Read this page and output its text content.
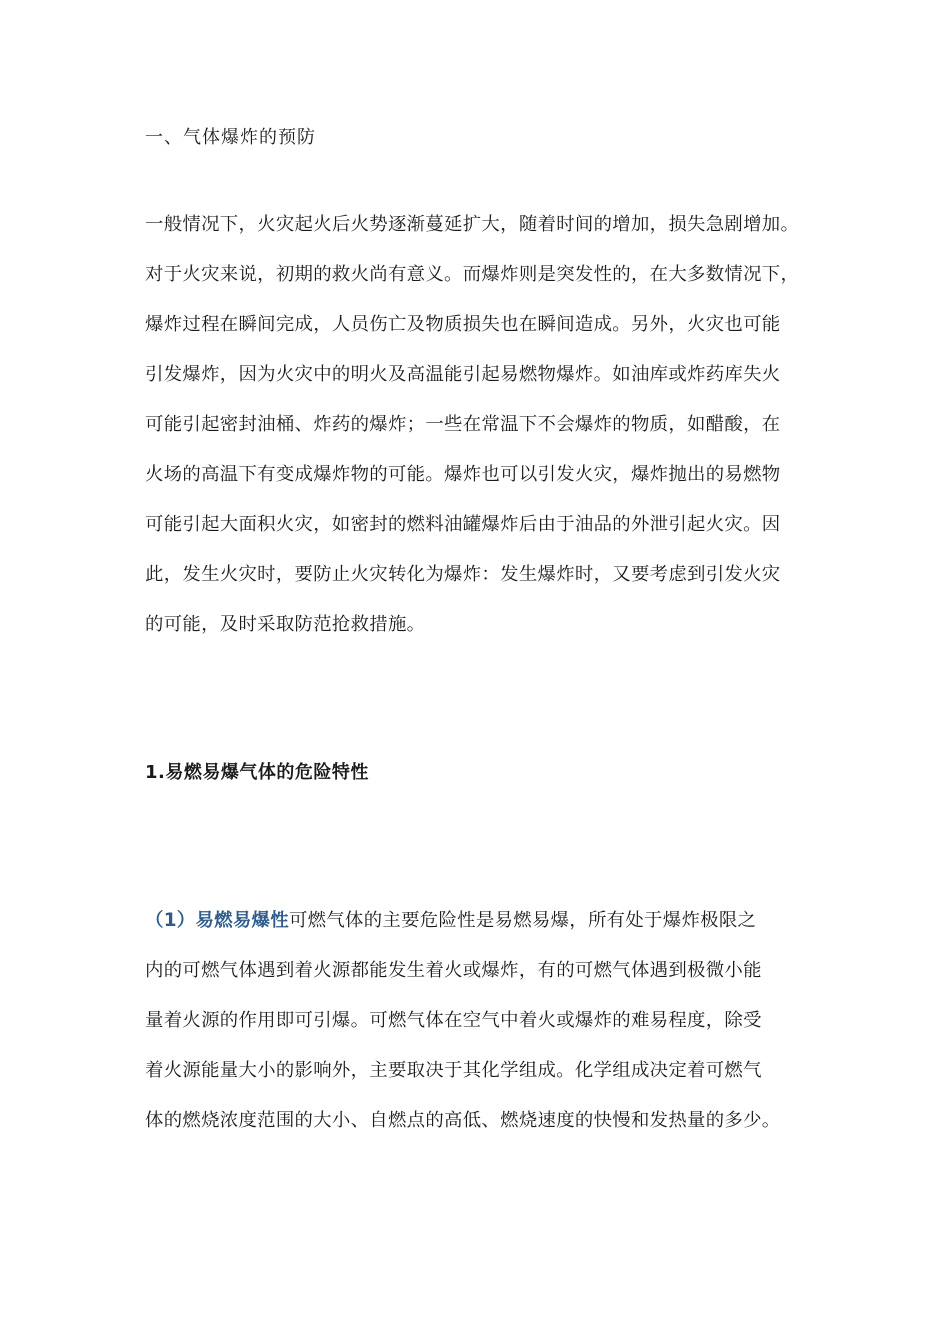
一、气体爆炸的预防
一般情况下，火灾起火后火势逐渐蔓延扩大，随着时间的增加，损失急剧增加。
对于火灾来说，初期的救火尚有意义。而爆炸则是突发性的，在大多数情况下，
爆炸过程在瞬间完成，人员伤亡及物质损失也在瞬间造成。另外，火灾也可能
引发爆炸，因为火灾中的明火及高温能引起易燃物爆炸。如油库或炸药库失火
可能引起密封油桶、炸药的爆炸；一些在常温下不会爆炸的物质，如醋酸，在
火场的高温下有变成爆炸物的可能。爆炸也可以引发火灾，爆炸抛出的易燃物
可能引起大面积火灾，如密封的燃料油罐爆炸后由于油品的外泄引起火灾。因
此，发生火灾时，要防止火灾转化为爆炸：发生爆炸时，又要考虑到引发火灾
的可能，及时采取防范抢救措施。
1.易燃易爆气体的危险特性
（1）易燃易爆性可燃气体的主要危险性是易燃易爆，所有处于爆炸极限之
内的可燃气体遇到着火源都能发生着火或爆炸，有的可燃气体遇到极微小能
量着火源的作用即可引爆。可燃气体在空气中着火或爆炸的难易程度，除受
着火源能量大小的影响外，主要取决于其化学组成。化学组成决定着可燃气
体的燃烧浓度范围的大小、自燃点的高低、燃烧速度的快慢和发热量的多少。
